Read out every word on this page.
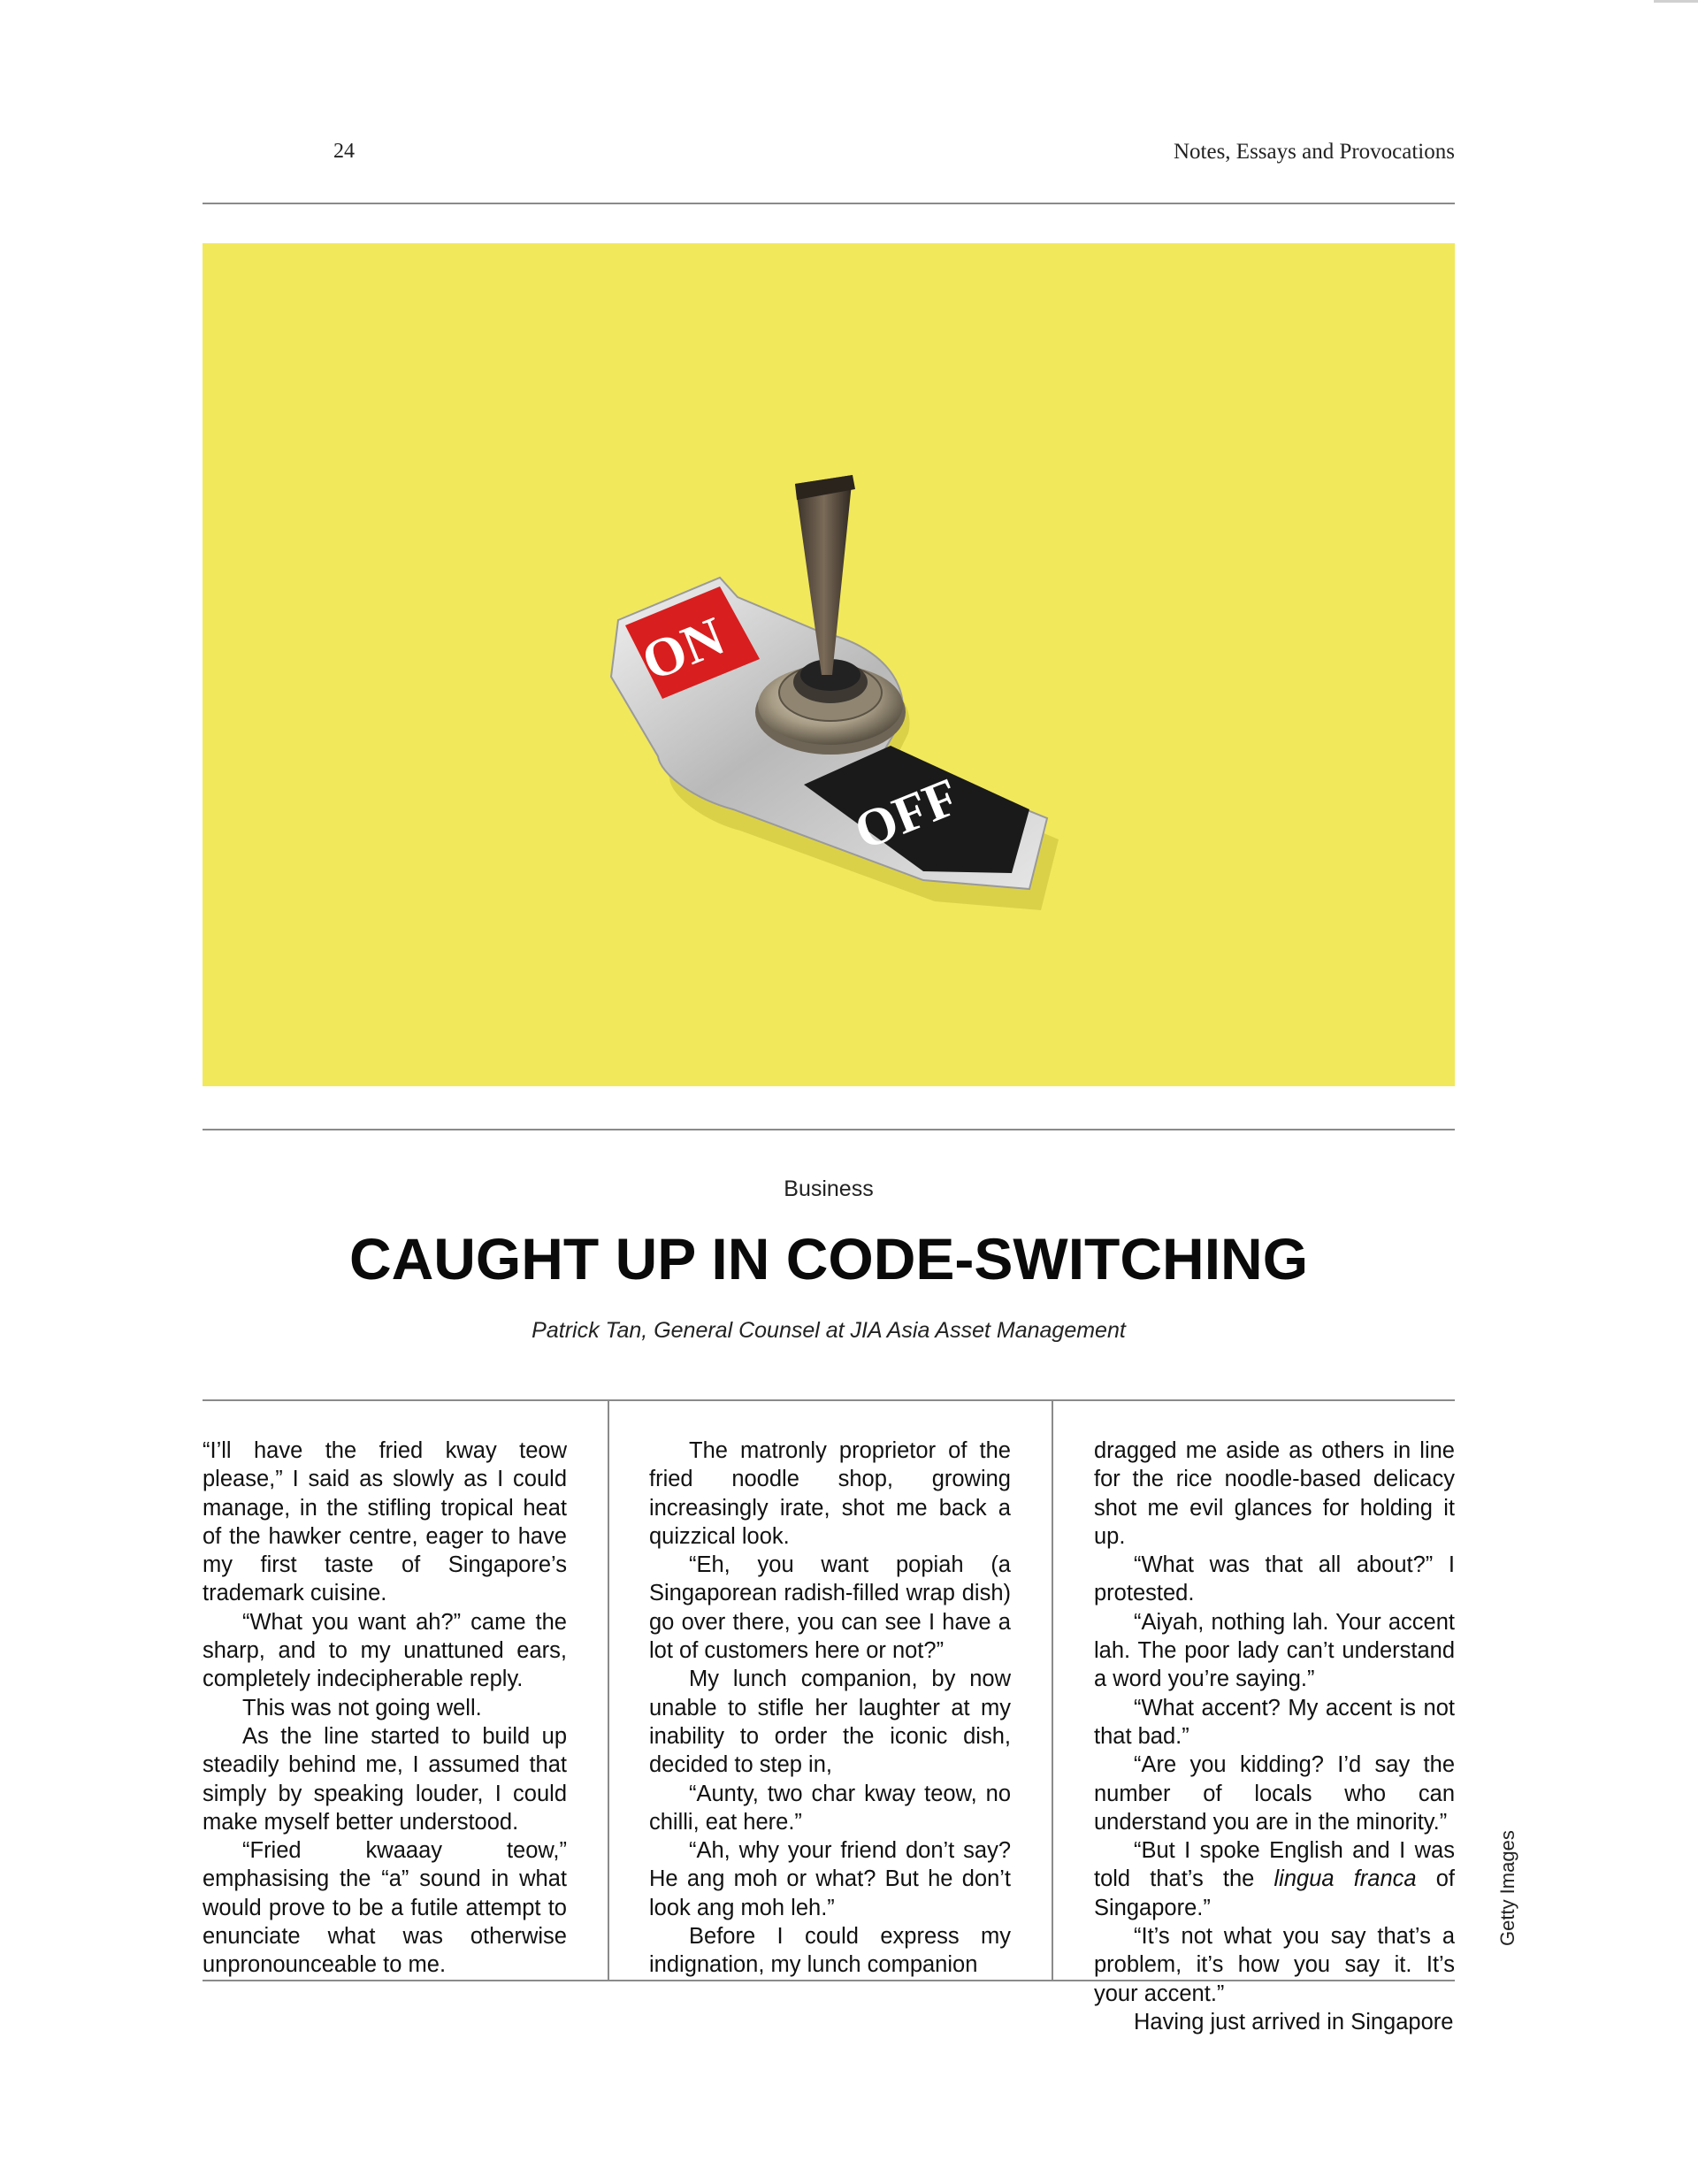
24	Notes, Essays and Provocations
ON
OFF
Business
CAUGHT UP IN CODE-SWITCHING
Patrick Tan, General Counsel at JIA Asia Asset Management

“I’ll have the fried kway teow please,” I said as slowly as I could manage, in the stifling tropical heat of the hawker centre, eager to have my first taste of Singapore’s trademark cuisine.

“What you want ah?” came the sharp, and to my unattuned ears, completely indecipherable reply.

This was not going well.

As the line started to build up steadily behind me, I assumed that simply by speaking louder, I could make myself better understood.

“Fried kwaaay teow,” emphasising the “a” sound in what would prove to be a futile attempt to enunciate what was otherwise unpronounceable to me.

The matronly proprietor of the fried noodle shop, growing increasingly irate, shot me back a quizzical look.

“Eh, you want popiah (a Singaporean radish-filled wrap dish) go over there, you can see I have a lot of customers here or not?”

My lunch companion, by now unable to stifle her laughter at my inability to order the iconic dish, decided to step in,

“Aunty, two char kway teow, no chilli, eat here.”

“Ah, why your friend don’t say? He ang moh or what? But he don’t look ang moh leh.”

Before I could express my indignation, my lunch companion

dragged me aside as others in line for the rice noodle-based delicacy shot me evil glances for holding it up.

“What was that all about?” I protested.

“Aiyah, nothing lah. Your accent lah. The poor lady can’t understand a word you’re saying.”

“What accent? My accent is not that bad.”

“Are you kidding? I’d say the number of locals who can understand you are in the minority.”

“But I spoke English and I was told that’s the lingua franca of Singapore.”

“It’s not what you say that’s a problem, it’s how you say it. It’s your accent.”

Having just arrived in Singapore

Getty Images
